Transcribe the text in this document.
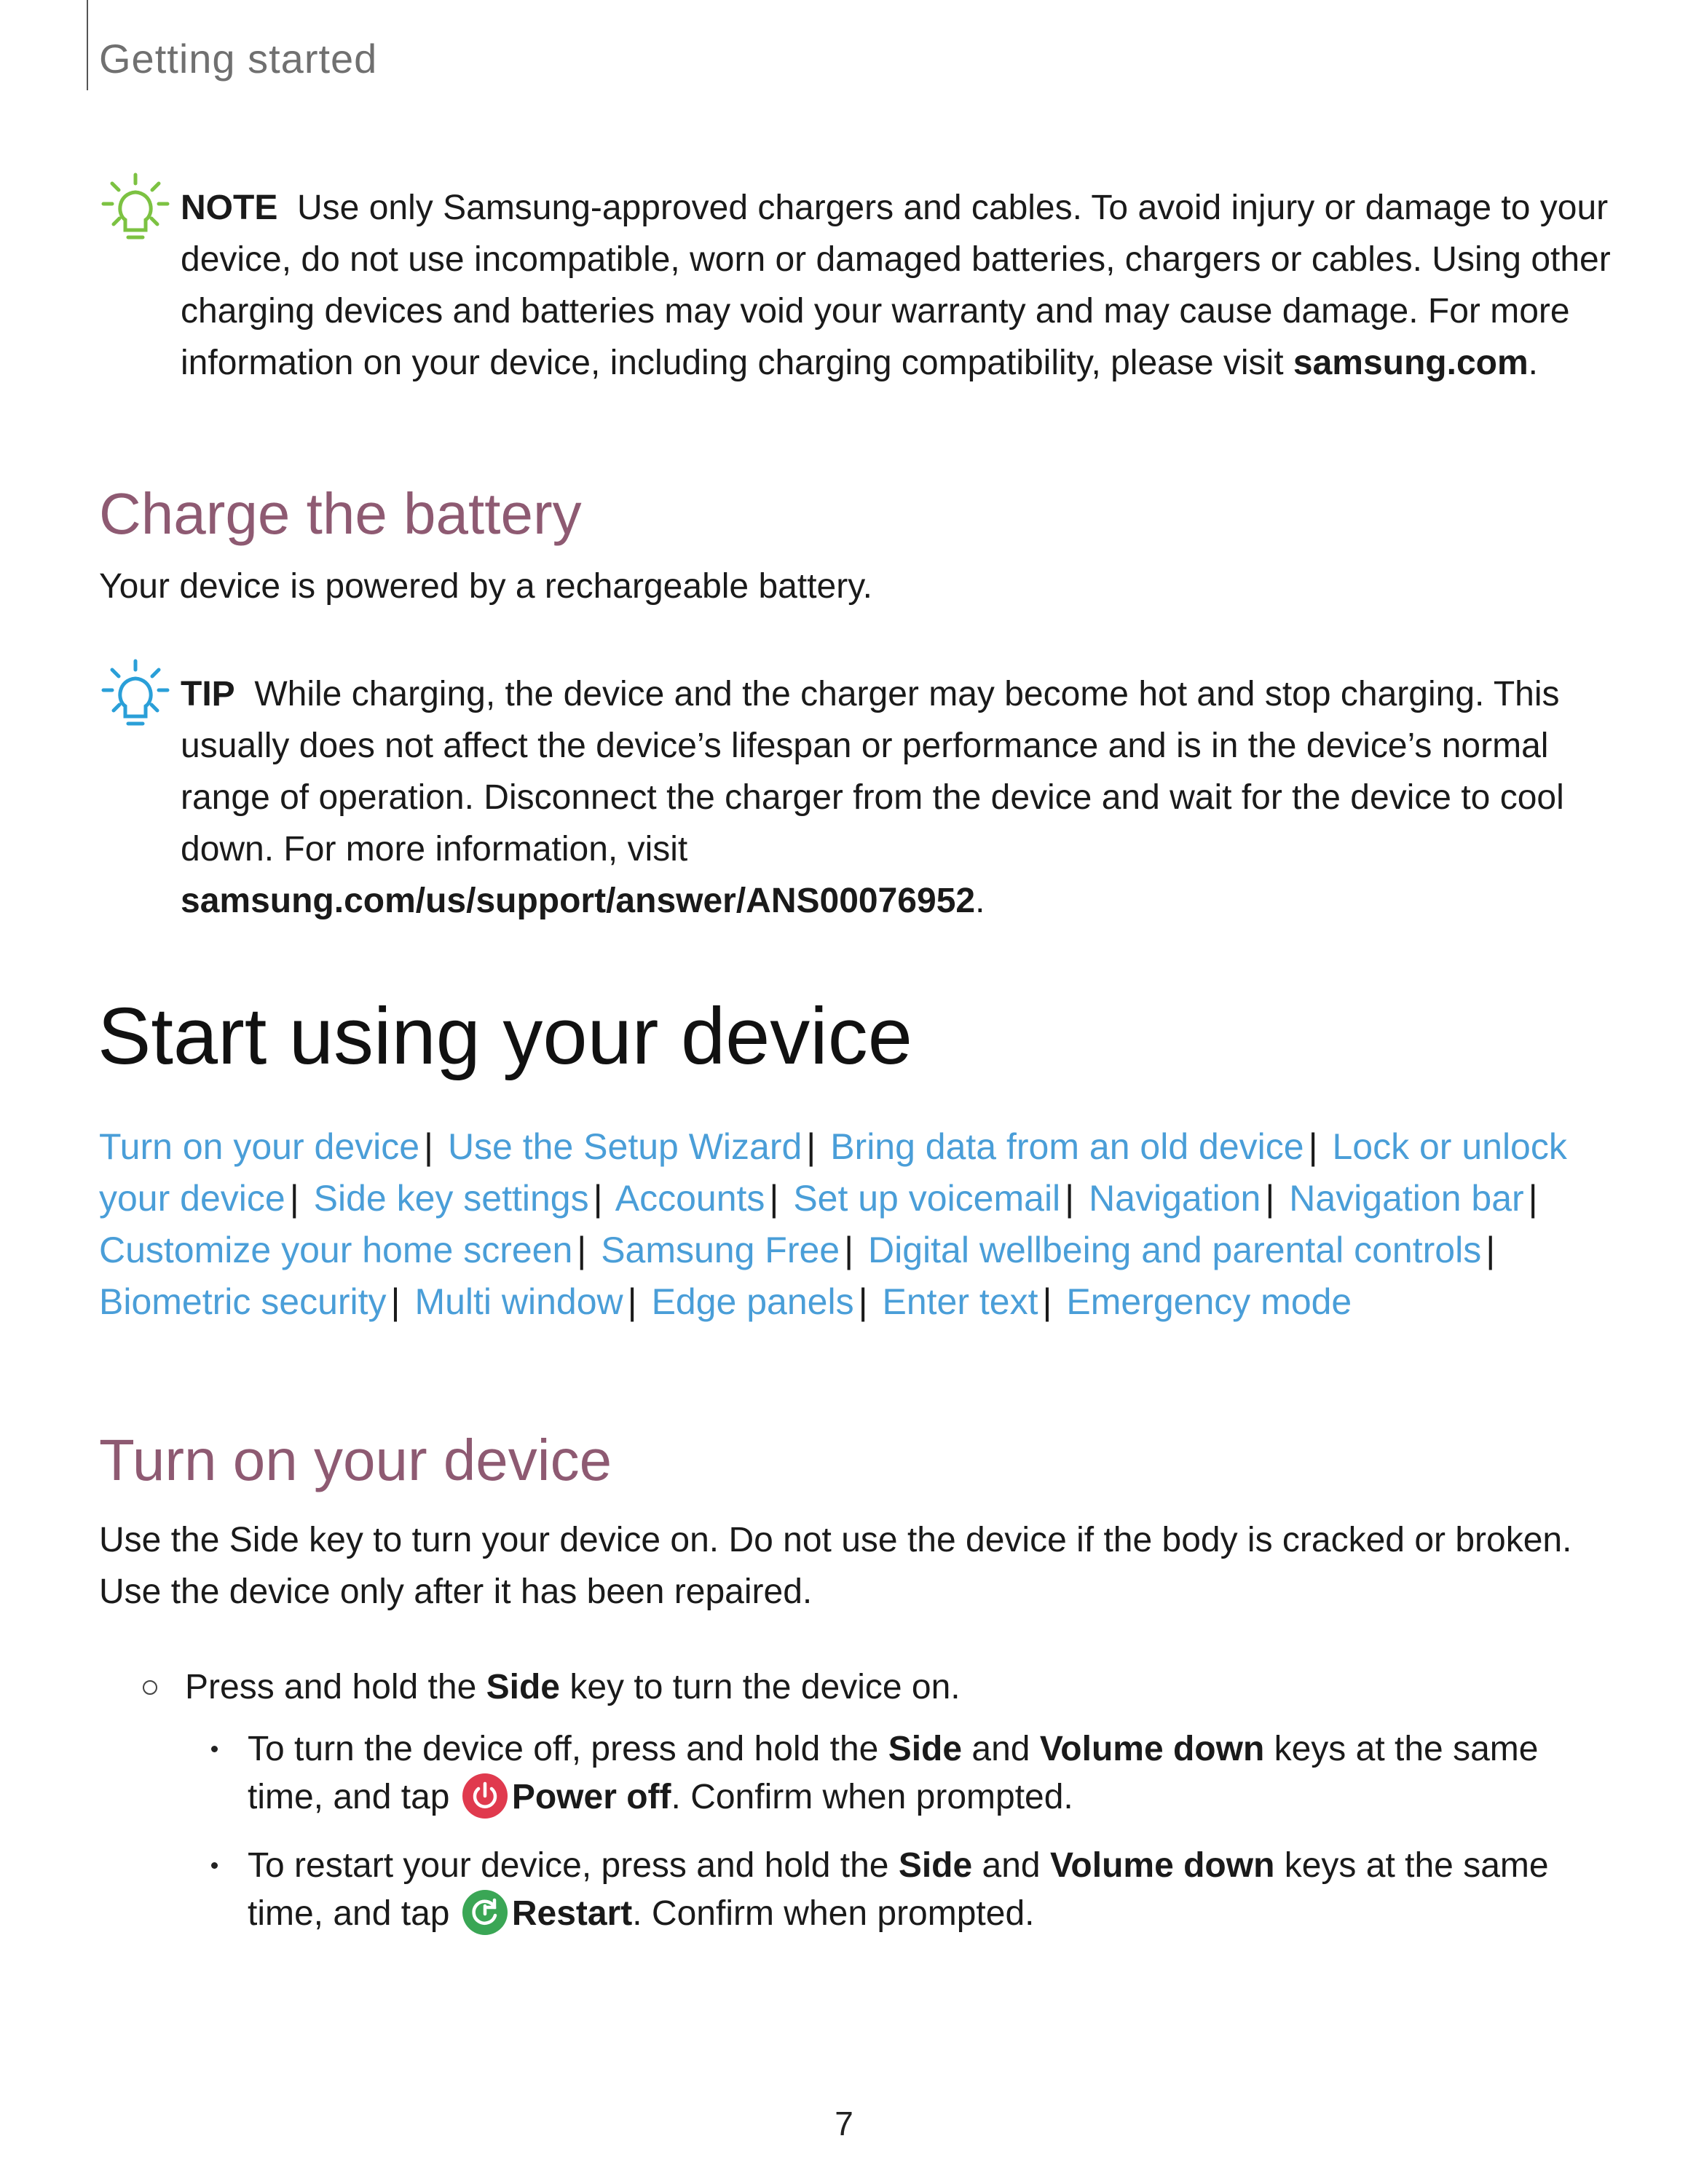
Getting started
NOTE Use only Samsung-approved chargers and cables. To avoid injury or damage to your device, do not use incompatible, worn or damaged batteries, chargers or cables. Using other charging devices and batteries may void your warranty and may cause damage. For more information on your device, including charging compatibility, please visit samsung.com.
Charge the battery
Your device is powered by a rechargeable battery.
TIP While charging, the device and the charger may become hot and stop charging. This usually does not affect the device’s lifespan or performance and is in the device’s normal range of operation. Disconnect the charger from the device and wait for the device to cool down. For more information, visit
samsung.com/us/support/answer/ANS00076952.
Start using your device
Turn on your device | Use the Setup Wizard | Bring data from an old device | Lock or unlock your device | Side key settings | Accounts | Set up voicemail | Navigation | Navigation bar | Customize your home screen | Samsung Free | Digital wellbeing and parental controls | Biometric security | Multi window | Edge panels | Enter text | Emergency mode
Turn on your device
Use the Side key to turn your device on. Do not use the device if the body is cracked or broken. Use the device only after it has been repaired.
Press and hold the Side key to turn the device on.
To turn the device off, press and hold the Side and Volume down keys at the same time, and tap
Power off. Confirm when prompted.
To restart your device, press and hold the Side and Volume down keys at the same time, and tap
Restart. Confirm when prompted.
7
